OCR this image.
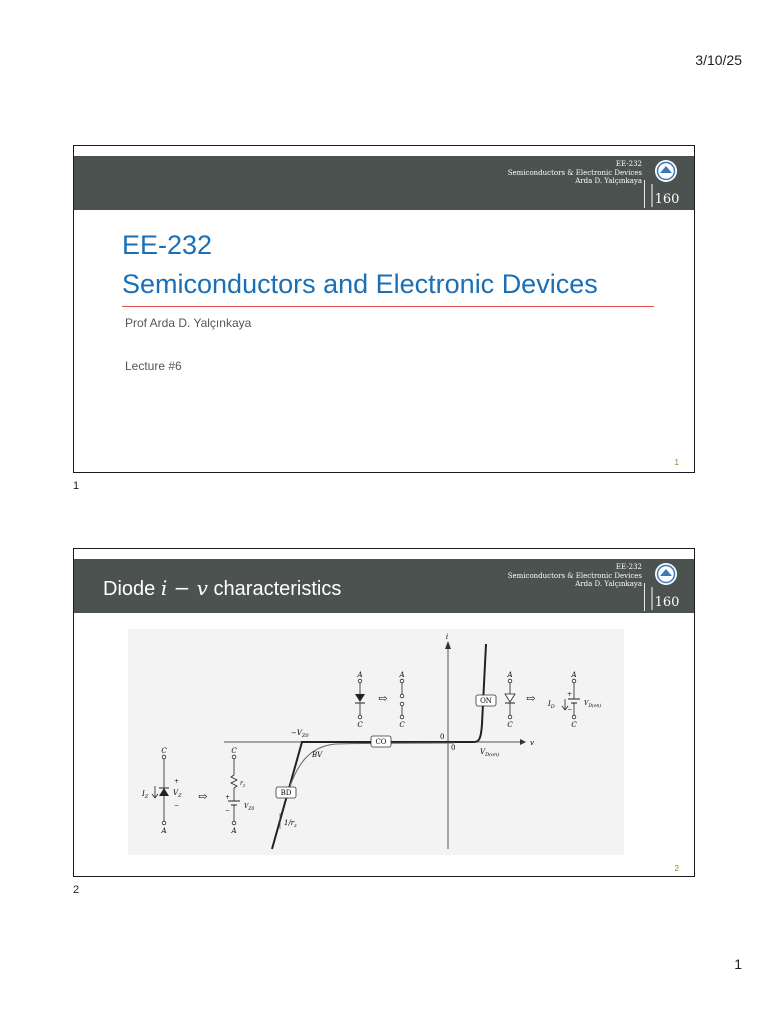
3/10/25
EE-232
Semiconductors & Electronic Devices
Arda D. Yalçınkaya
160
EE-232
Semiconductors and Electronic Devices
Prof Arda D. Yalçınkaya
Lecture #6
1
1
Diode i − v characteristics
EE-232
Semiconductors & Electronic Devices
Arda D. Yalçınkaya
160
i
v
0
0
$-V_{Z0}$
BV
CO
ON
BD
$V_{D(on)}$
$1/r_z$
A
C
⇨
A
C
A
C
⇨ $I_D$
A
C
+
−
$V_{D(on)}$
C
A
$I_Z$
+
$V_Z$
−
⇨
C
$r_z$
A
+
−
$V_{Z0}$
2
2
1
